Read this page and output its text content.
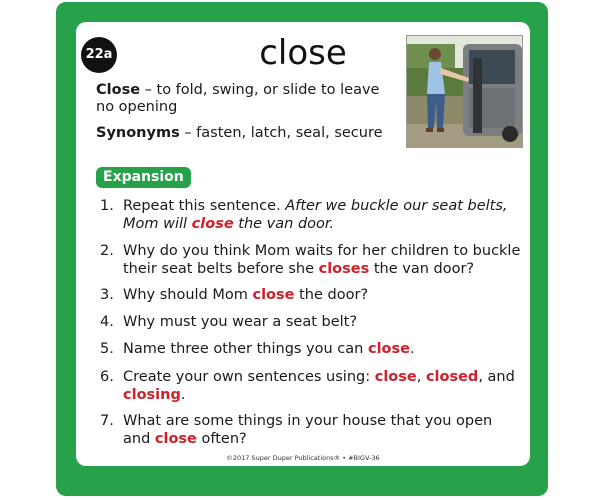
22a	close

Close – to fold, swing, or slide to leave no opening

Synonyms – fasten, latch, seal, secure

Expansion
1. Repeat this sentence. After we buckle our seat belts, Mom will close the van door.
2. Why do you think Mom waits for her children to buckle their seat belts before she closes the van door?
3. Why should Mom close the door?
4. Why must you wear a seat belt?
5. Name three other things you can close.
6. Create your own sentences using: close, closed, and closing.
7. What are some things in your house that you open and close often?
©2017 Super Duper Publications® • #BIGV-36
